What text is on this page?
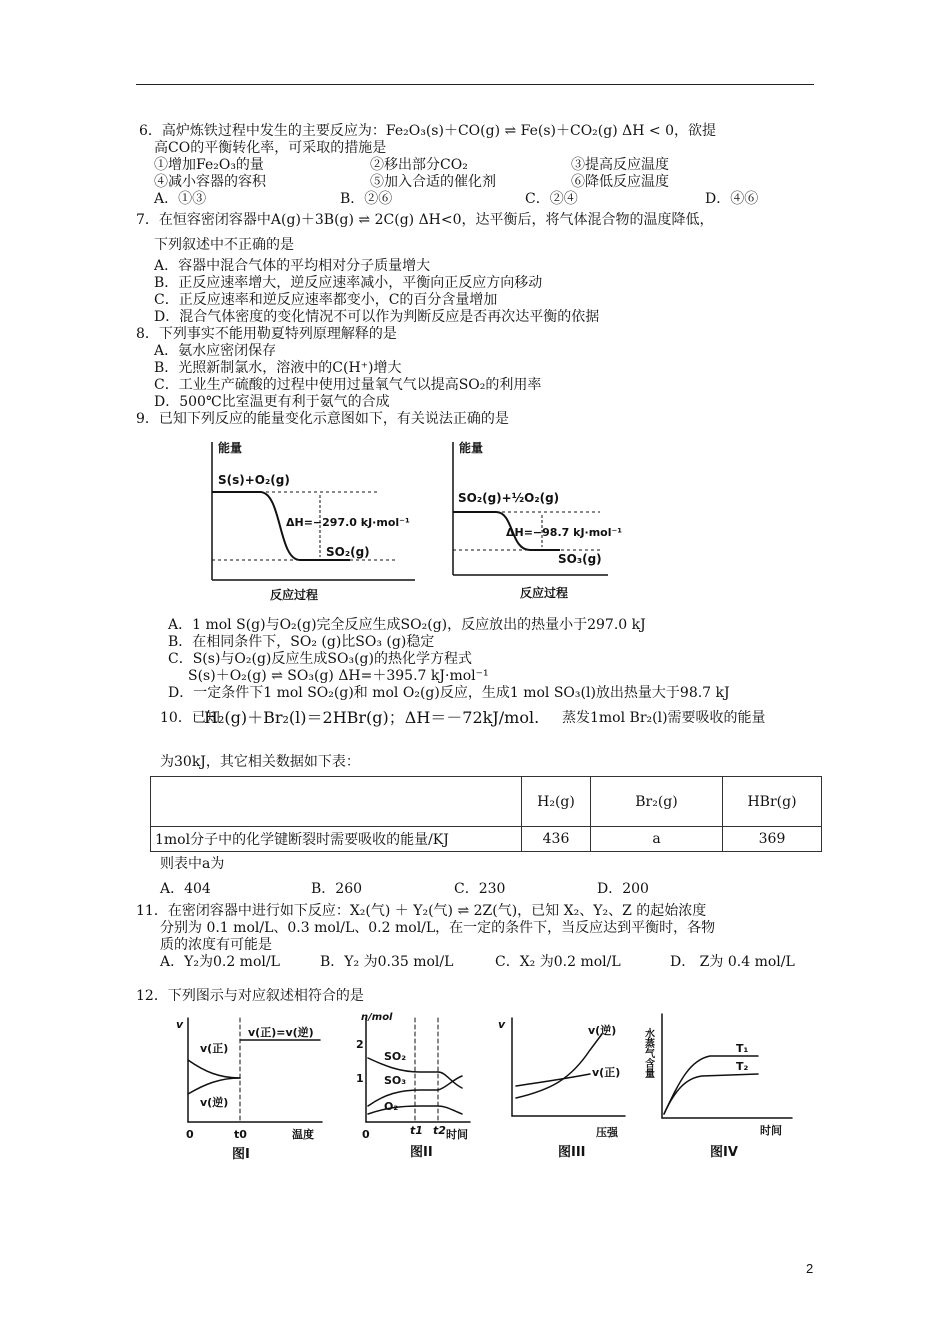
6．高炉炼铁过程中发生的主要反应为：Fe₂O₃(s)＋CO(g) ⇌ Fe(s)＋CO₂(g) ΔH < 0，欲提
高CO的平衡转化率，可采取的措施是
①增加Fe₂O₃的量	②移出部分CO₂	③提高反应温度
④减小容器的容积	⑤加入合适的催化剂	⑥降低反应温度
A．①③	B．②⑥	C．②④	D．④⑥
7．在恒容密闭容器中A(g)＋3B(g) ⇌ 2C(g) ΔH<0，达平衡后，将气体混合物的温度降低，
下列叙述中不正确的是
A．容器中混合气体的平均相对分子质量增大
B．正反应速率增大，逆反应速率减小，平衡向正反应方向移动
C．正反应速率和逆反应速率都变小，C的百分含量增加
D．混合气体密度的变化情况不可以作为判断反应是否再次达平衡的依据
8．下列事实不能用勒夏特列原理解释的是
A．氨水应密闭保存
B．光照新制氯水，溶液中的C(H⁺)增大
C．工业生产硫酸的过程中使用过量氧气气以提高SO₂的利用率
D．500℃比室温更有利于氨气的合成
9．已知下列反应的能量变化示意图如下，有关说法正确的是
能量
S(s)+O₂(g)
ΔH=−297.0 kJ·mol⁻¹
SO₂(g)
反应过程
能量
SO₂(g)+½O₂(g)
ΔH=−98.7 kJ·mol⁻¹
SO₃(g)
反应过程
A．1 mol S(g)与O₂(g)完全反应生成SO₂(g)，反应放出的热量小于297.0 kJ
B．在相同条件下，SO₂ (g)比SO₃ (g)稳定
C．S(s)与O₂(g)反应生成SO₃(g)的热化学方程式
S(s)＋O₂(g) ⇌ SO₃(g) ΔH=＋395.7 kJ·mol⁻¹
D．一定条件下1 mol SO₂(g)和 mol O₂(g)反应，生成1 mol SO₃(l)放出热量大于98.7 kJ
10．已知
H₂(g)＋Br₂(l)＝2HBr(g)；ΔH＝－72kJ/mol. 蒸发1mol Br₂(l)需要吸收的能量
为30kJ，其它相关数据如下表：
	H₂(g)	Br₂(g)	HBr(g)
1mol分子中的化学键断裂时需要吸收的能量/KJ	436	a	369
则表中a为
A．404	B．260	C．230	D．200
11．在密闭容器中进行如下反应：X₂(气) ＋ Y₂(气) ⇌ 2Z(气)，已知 X₂、Y₂、Z 的起始浓度
分别为 0.1 mol/L、0.3 mol/L、0.2 mol/L，在一定的条件下，当反应达到平衡时，各物
质的浓度有可能是
A．Y₂为0.2 mol/L	B．Y₂ 为0.35 mol/L	C．X₂ 为0.2 mol/L	D． Z为 0.4 mol/L
12．下列图示与对应叙述相符合的是
v
v(正)
v(逆)
v(正)=v(逆)
0	t0	温度
图I
n/mol
2
1
SO₂
SO₃
O₂
0	t1 t2 时间
图II
v	v(逆)
v(正)
压强
图III
水蒸气含量	T₁
T₂
时间
图IV
2
